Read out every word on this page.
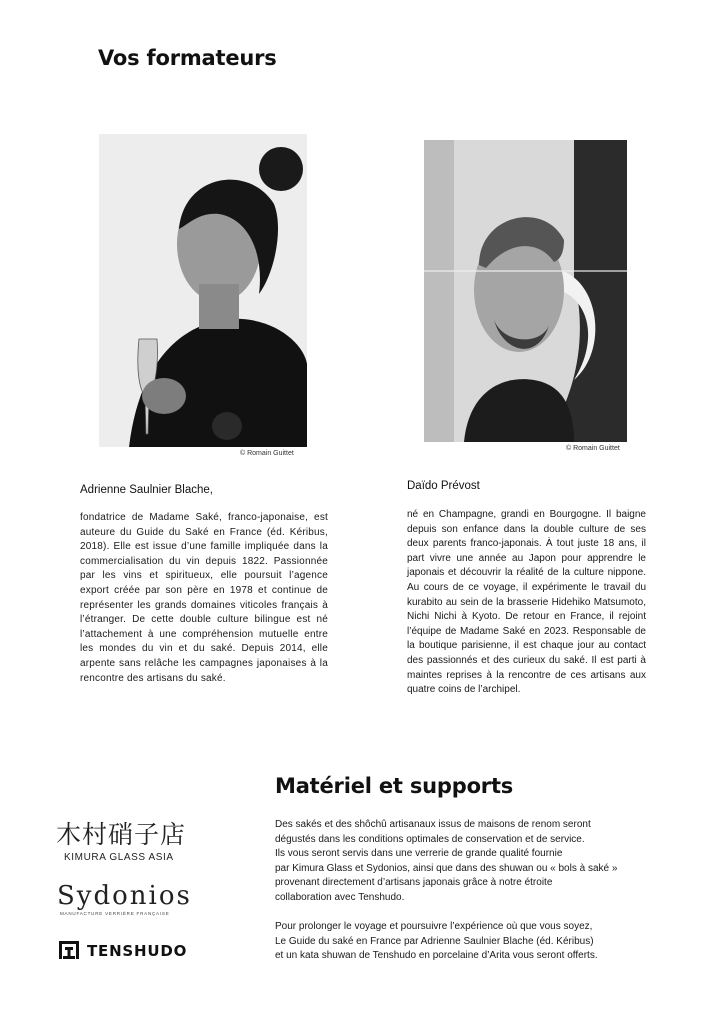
Vos formateurs
© Romain Guittet
© Romain Guittet
Adrienne Saulnier Blache,

fondatrice de Madame Saké, franco-japonaise, est auteure du Guide du Saké en France (éd. Kéribus, 2018). Elle est issue d’une famille impliquée dans la commercialisation du vin depuis 1822. Passionnée par les vins et spiritueux, elle poursuit l’agence export créée par son père en 1978 et continue de représenter les grands domaines viticoles français à l’étranger. De cette double culture bilingue est né l’attachement à une compréhension mutuelle entre les mondes du vin et du saké. Depuis 2014, elle arpente sans relâche les campagnes japonaises à la rencontre des artisans du saké.

Daïdo Prévost

né en Champagne, grandi en Bourgogne. Il baigne depuis son enfance dans la double culture de ses deux parents franco-japonais. À tout juste 18 ans, il part vivre une année au Japon pour apprendre le japonais et découvrir la réalité de la culture nippone. Au cours de ce voyage, il expérimente le travail du kurabito au sein de la brasserie Hidehiko Matsumoto, Nichi Nichi à Kyoto. De retour en France, il rejoint l’équipe de Madame Saké en 2023. Responsable de la boutique parisienne, il est chaque jour au contact des passionnés et des curieux du saké. Il est parti à maintes reprises à la rencontre de ces artisans aux quatre coins de l’archipel.

Matériel et supports
木村硝子店
KIMURA GLASS ASIA
Sydonios
MANUFACTURE VERRIÈRE FRANÇAISE
TENSHUDO
Des sakés et des shôchû artisanaux issus de maisons de renom seront
dégustés dans les conditions optimales de conservation et de service.
Ils vous seront servis dans une verrerie de grande qualité fournie
par Kimura Glass et Sydonios, ainsi que dans des shuwan ou « bols à saké »
provenant directement d’artisans japonais grâce à notre étroite
collaboration avec Tenshudo.
Pour prolonger le voyage et poursuivre l’expérience où que vous soyez,
Le Guide du saké en France par Adrienne Saulnier Blache (éd. Kéribus)
et un kata shuwan de Tenshudo en porcelaine d’Arita vous seront offerts.
